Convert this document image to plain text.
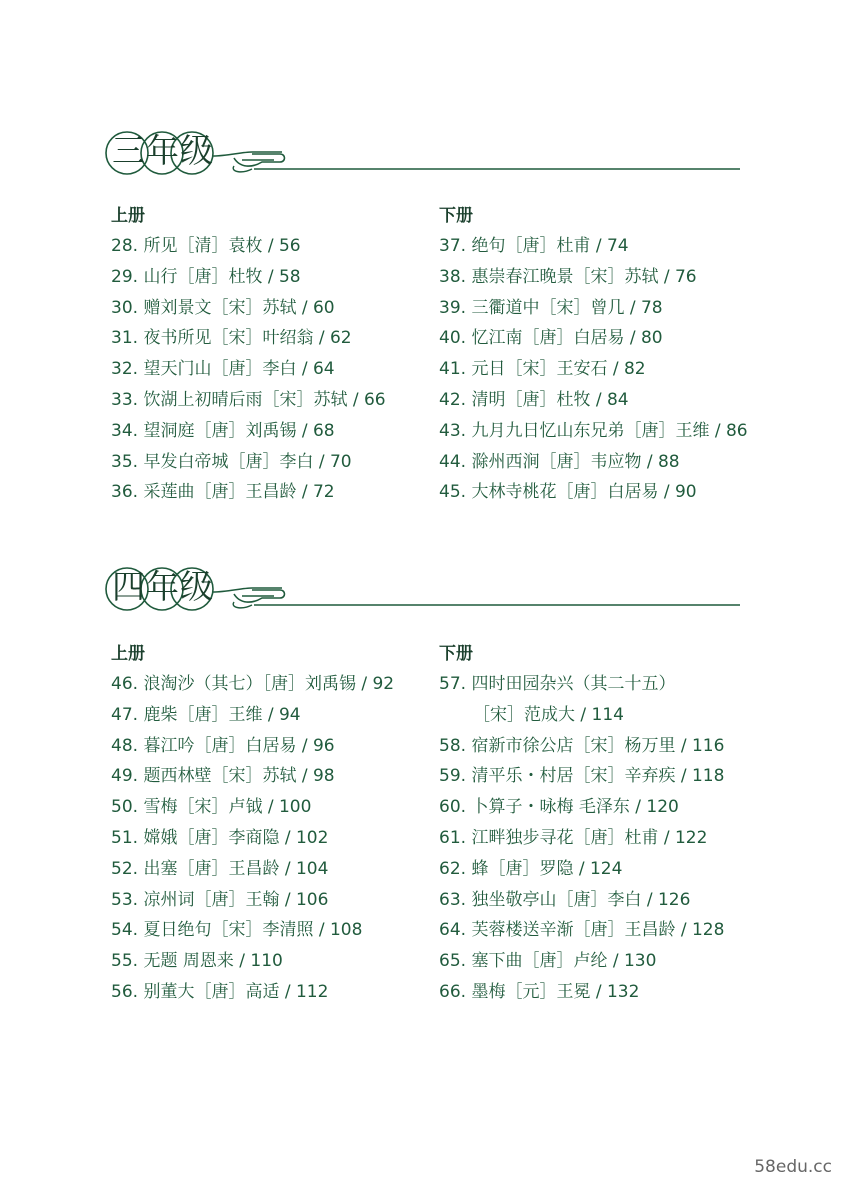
三年级
上册
28. 所见［清］袁枚 / 56
29. 山行［唐］杜牧 / 58
30. 赠刘景文［宋］苏轼 / 60
31. 夜书所见［宋］叶绍翁 / 62
32. 望天门山［唐］李白 / 64
33. 饮湖上初晴后雨［宋］苏轼 / 66
34. 望洞庭［唐］刘禹锡 / 68
35. 早发白帝城［唐］李白 / 70
36. 采莲曲［唐］王昌龄 / 72
下册
37. 绝句［唐］杜甫 / 74
38. 惠崇春江晚景［宋］苏轼 / 76
39. 三衢道中［宋］曾几 / 78
40. 忆江南［唐］白居易 / 80
41. 元日［宋］王安石 / 82
42. 清明［唐］杜牧 / 84
43. 九月九日忆山东兄弟［唐］王维 / 86
44. 滁州西涧［唐］韦应物 / 88
45. 大林寺桃花［唐］白居易 / 90
四年级
上册
46. 浪淘沙（其七）［唐］刘禹锡 / 92
47. 鹿柴［唐］王维 / 94
48. 暮江吟［唐］白居易 / 96
49. 题西林壁［宋］苏轼 / 98
50. 雪梅［宋］卢钺 / 100
51. 嫦娥［唐］李商隐 / 102
52. 出塞［唐］王昌龄 / 104
53. 凉州词［唐］王翰 / 106
54. 夏日绝句［宋］李清照 / 108
55. 无题 周恩来 / 110
56. 别董大［唐］高适 / 112
下册
57. 四时田园杂兴（其二十五）
［宋］范成大 / 114
58. 宿新市徐公店［宋］杨万里 / 116
59. 清平乐・村居［宋］辛弃疾 / 118
60. 卜算子・咏梅 毛泽东 / 120
61. 江畔独步寻花［唐］杜甫 / 122
62. 蜂［唐］罗隐 / 124
63. 独坐敬亭山［唐］李白 / 126
64. 芙蓉楼送辛渐［唐］王昌龄 / 128
65. 塞下曲［唐］卢纶 / 130
66. 墨梅［元］王冕 / 132
58edu.cc
